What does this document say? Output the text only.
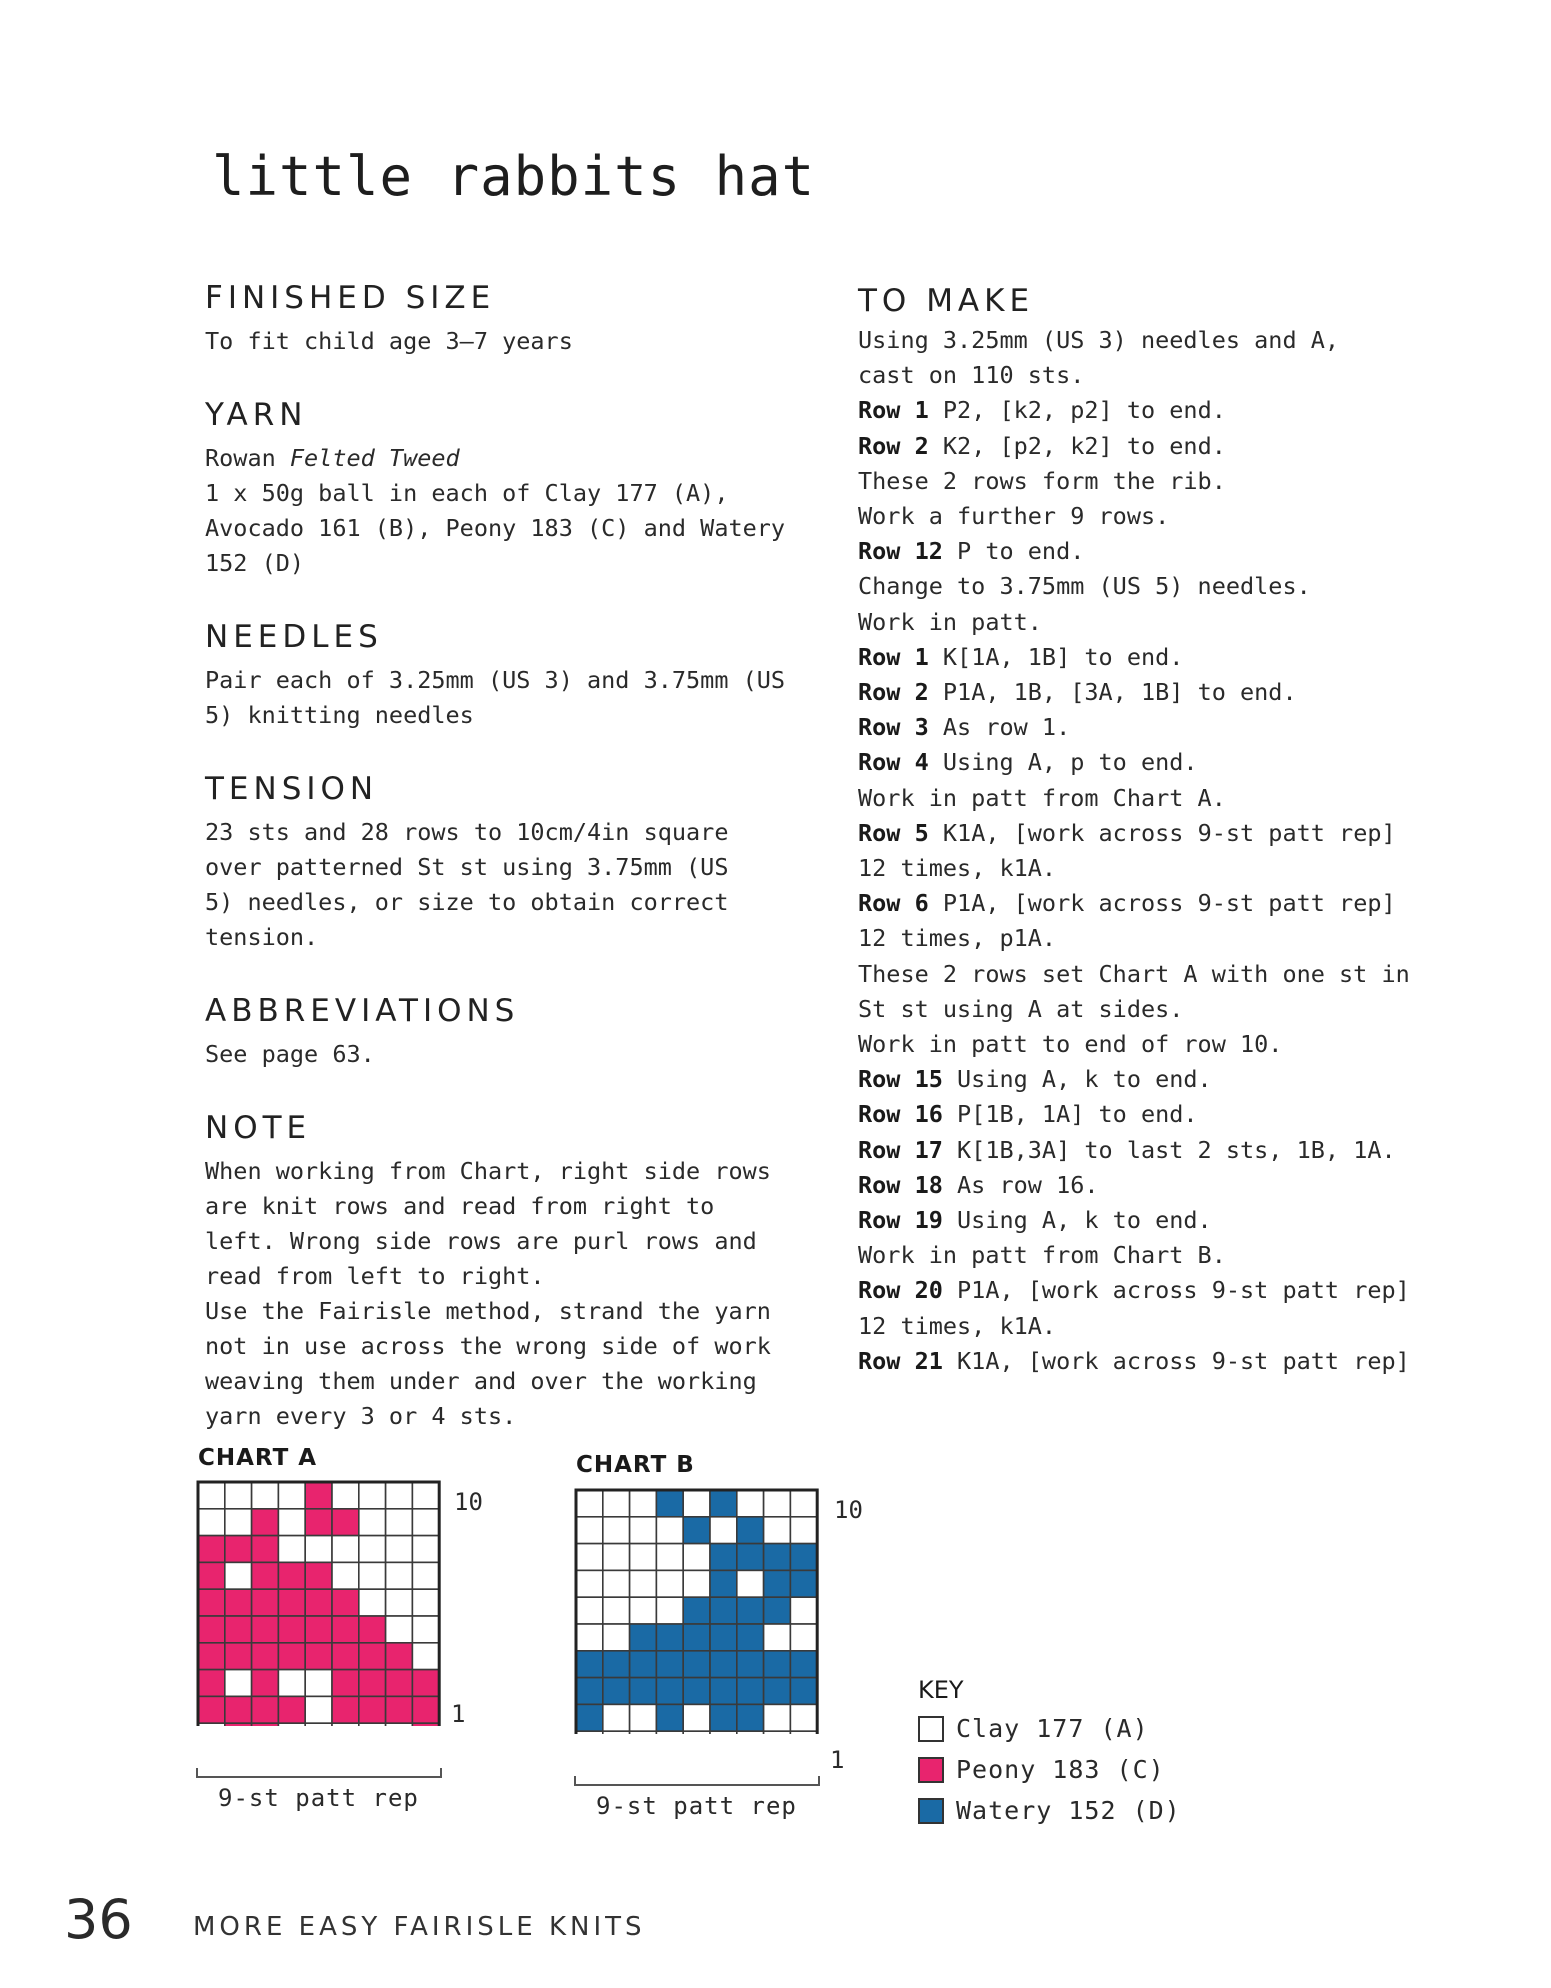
little rabbits hat
FINISHED SIZE

To fit child age 3–7 years

YARN

Rowan Felted Tweed
1 x 50g ball in each of Clay 177 (A),
Avocado 161 (B), Peony 183 (C) and Watery
152 (D)

NEEDLES

Pair each of 3.25mm (US 3) and 3.75mm (US
5) knitting needles

TENSION

23 sts and 28 rows to 10cm/4in square
over patterned St st using 3.75mm (US
5) needles, or size to obtain correct
tension.

ABBREVIATIONS

See page 63.

NOTE

When working from Chart, right side rows
are knit rows and read from right to
left. Wrong side rows are purl rows and
read from left to right.
Use the Fairisle method, strand the yarn
not in use across the wrong side of work
weaving them under and over the working
yarn every 3 or 4 sts.

TO MAKE
Using 3.25mm (US 3) needles and A,
cast on 110 sts.
Row 1 P2, [k2, p2] to end.
Row 2 K2, [p2, k2] to end.
These 2 rows form the rib.
Work a further 9 rows.
Row 12 P to end.
Change to 3.75mm (US 5) needles.
Work in patt.
Row 1 K[1A, 1B] to end.
Row 2 P1A, 1B, [3A, 1B] to end.
Row 3 As row 1.
Row 4 Using A, p to end.
Work in patt from Chart A.
Row 5 K1A, [work across 9-st patt rep]
12 times, k1A.
Row 6 P1A, [work across 9-st patt rep]
12 times, p1A.
These 2 rows set Chart A with one st in
St st using A at sides.
Work in patt to end of row 10.
Row 15 Using A, k to end.
Row 16 P[1B, 1A] to end.
Row 17 K[1B,3A] to last 2 sts, 1B, 1A.
Row 18 As row 16.
Row 19 Using A, k to end.
Work in patt from Chart B.
Row 20 P1A, [work across 9-st patt rep]
12 times, k1A.
Row 21 K1A, [work across 9-st patt rep]
CHART A
10
1
9-st patt rep
CHART B
10
1
9-st patt rep
KEY
Clay 177 (A)
Peony 183 (C)
Watery 152 (D)
36 MORE EASY FAIRISLE KNITS
